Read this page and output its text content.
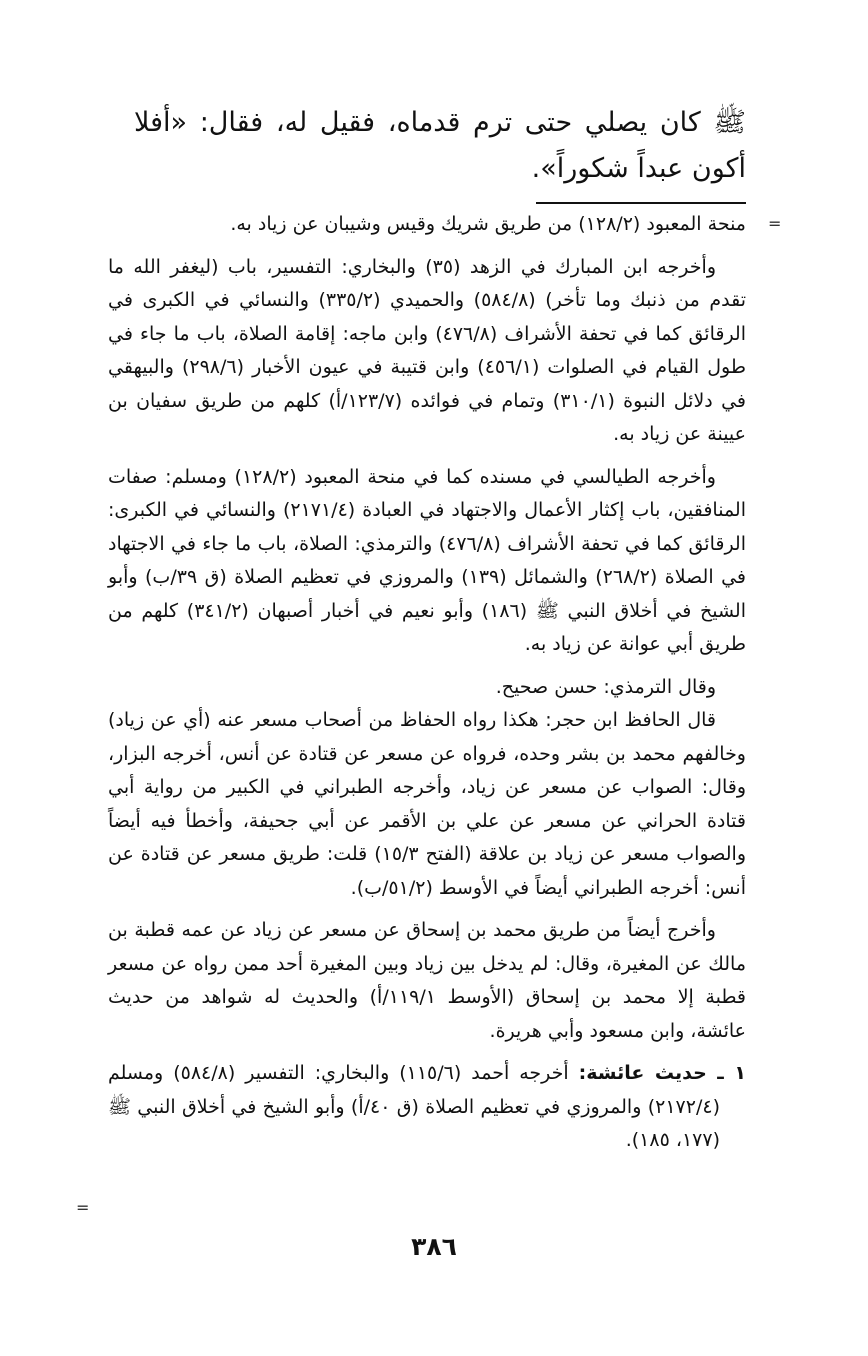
ﷺ كان يصلي حتى ترم قدماه، فقيل له، فقال: «أفلا أكون عبداً شكوراً».

=

منحة المعبود (١٢٨/٢) من طريق شريك وقيس وشيبان عن زياد به.

وأخرجه ابن المبارك في الزهد (٣٥) والبخاري: التفسير، باب (ليغفر الله ما تقدم من ذنبك وما تأخر) (٥٨٤/٨) والحميدي (٣٣٥/٢) والنسائي في الكبرى في الرقائق كما في تحفة الأشراف (٤٧٦/٨) وابن ماجه: إقامة الصلاة، باب ما جاء في طول القيام في الصلوات (٤٥٦/١) وابن قتيبة في عيون الأخبار (٢٩٨/٦) والبيهقي في دلائل النبوة (٣١٠/١) وتمام في فوائده (١٢٣/٧/أ) كلهم من طريق سفيان بن عيينة عن زياد به.

وأخرجه الطيالسي في مسنده كما في منحة المعبود (١٢٨/٢) ومسلم: صفات المنافقين، باب إكثار الأعمال والاجتهاد في العبادة (٢١٧١/٤) والنسائي في الكبرى: الرقائق كما في تحفة الأشراف (٤٧٦/٨) والترمذي: الصلاة، باب ما جاء في الاجتهاد في الصلاة (٢٦٨/٢) والشمائل (١٣٩) والمروزي في تعظيم الصلاة (ق ٣٩/ب) وأبو الشيخ في أخلاق النبي ﷺ (١٨٦) وأبو نعيم في أخبار أصبهان (٣٤١/٢) كلهم من طريق أبي عوانة عن زياد به.

وقال الترمذي: حسن صحيح.

قال الحافظ ابن حجر: هكذا رواه الحفاظ من أصحاب مسعر عنه (أي عن زياد) وخالفهم محمد بن بشر وحده، فرواه عن مسعر عن قتادة عن أنس، أخرجه البزار، وقال: الصواب عن مسعر عن زياد، وأخرجه الطبراني في الكبير من رواية أبي قتادة الحراني عن مسعر عن علي بن الأقمر عن أبي جحيفة، وأخطأ فيه أيضاً والصواب مسعر عن زياد بن علاقة (الفتح ١٥/٣) قلت: طريق مسعر عن قتادة عن أنس: أخرجه الطبراني أيضاً في الأوسط (٥١/٢/ب).

وأخرج أيضاً من طريق محمد بن إسحاق عن مسعر عن زياد عن عمه قطبة بن مالك عن المغيرة، وقال: لم يدخل بين زياد وبين المغيرة أحد ممن رواه عن مسعر قطبة إلا محمد بن إسحاق (الأوسط ١١٩/١/أ) والحديث له شواهد من حديث عائشة، وابن مسعود وأبي هريرة.

١ ـ حديث عائشة: أخرجه أحمد (١١٥/٦) والبخاري: التفسير (٥٨٤/٨) ومسلم (٢١٧٢/٤) والمروزي في تعظيم الصلاة (ق ٤٠/أ) وأبو الشيخ في أخلاق النبي ﷺ (١٧٧، ١٨٥).

=
٣٨٦
